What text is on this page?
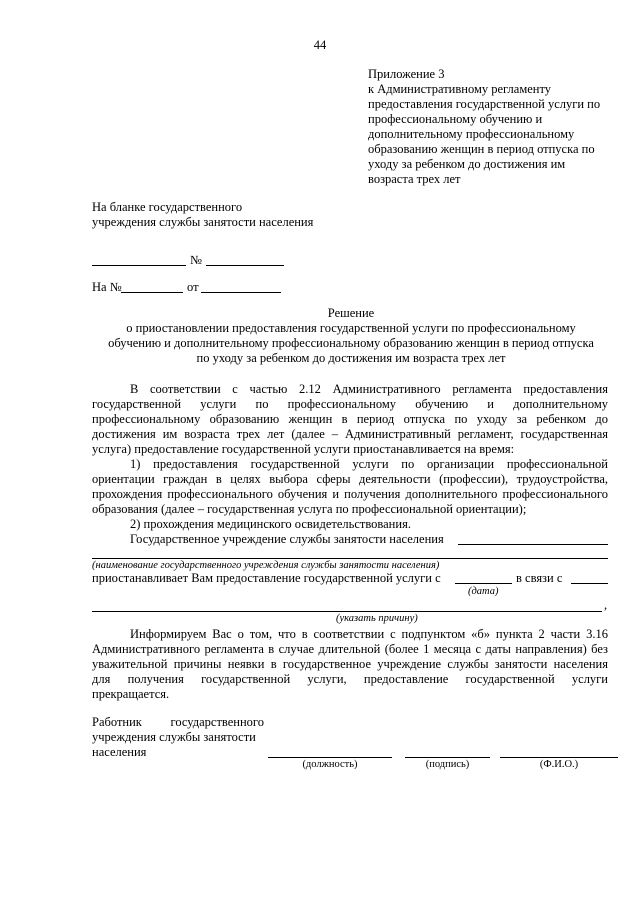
44
Приложение 3
к Административному регламенту
предоставления государственной услуги по
профессиональному обучению и
дополнительному профессиональному
образованию женщин в период отпуска по
уходу за ребенком до достижения им
возраста трех лет
На бланке государственного
учреждения службы занятости населения
№
На №	от
Решение
о приостановлении предоставления государственной услуги по профессиональному
обучению и дополнительному профессиональному образованию женщин в период отпуска
по уходу за ребенком до достижения им возраста трех лет
В соответствии с частью 2.12 Административного регламента предоставления
государственной услуги по профессиональному обучению и дополнительному
профессиональному образованию женщин в период отпуска по уходу за ребенком до
достижения им возраста трех лет (далее – Административный регламент, государственная
услуга) предоставление государственной услуги приостанавливается на время:
1) предоставления государственной услуги по организации профессиональной
ориентации граждан в целях выбора сферы деятельности (профессии), трудоустройства,
прохождения профессионального обучения и получения дополнительного профессионального
образования (далее – государственная услуга по профессиональной ориентации);
2) прохождения медицинского освидетельствования.
Государственное учреждение службы занятости населения
(наименование государственного учреждения службы занятости населения)
приостанавливает Вам предоставление государственной услуги с	в связи с
(дата)
,
(указать причину)
Информируем Вас о том, что в соответствии с подпунктом «б» пункта 2 части 3.16
Административного регламента в случае длительной (более 1 месяца с даты направления) без
уважительной причины неявки в государственное учреждение службы занятости населения
для получения государственной услуги, предоставление государственной услуги
прекращается.
Работник государственного
учреждения службы занятости
населения
(должность)	(подпись)	(Ф.И.О.)
